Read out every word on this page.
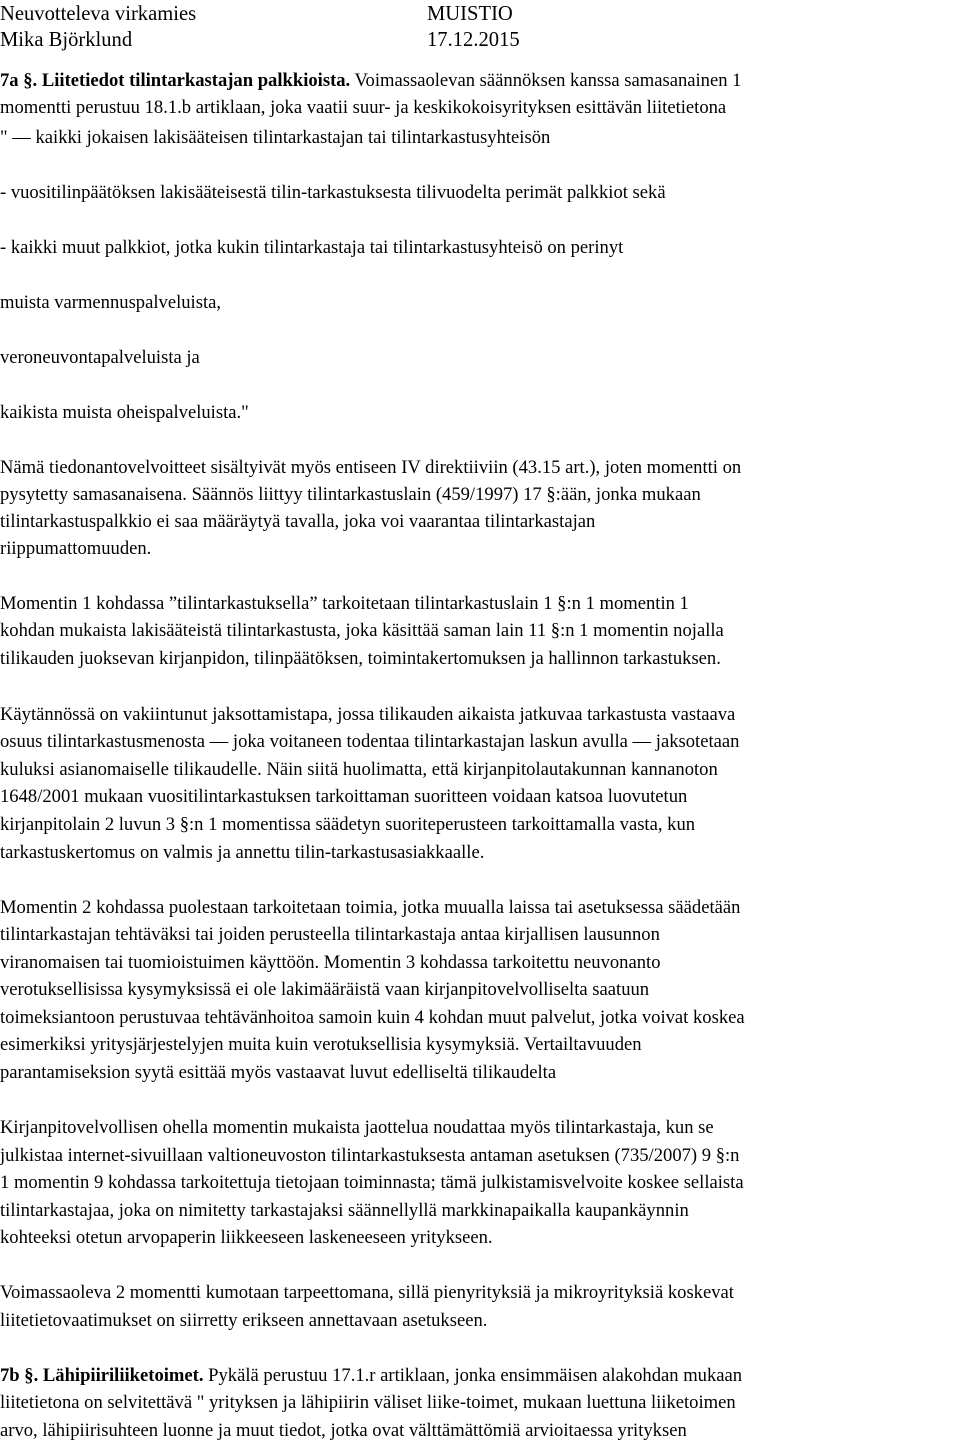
Neuvotteleva virkamies	MUISTIO
Mika Björklund	17.12.2015
7a §. Liitetiedot tilintarkastajan palkkioista. Voimassaolevan säännöksen kanssa samasanainen 1
momentti perustuu 18.1.b artiklaan, joka vaatii suur- ja keskikokoisyrityksen esittävän liitetietona
" — kaikki jokaisen lakisääteisen tilintarkastajan tai tilintarkastusyhteisön
- vuositilinpäätöksen lakisääteisestä tilin-tarkastuksesta tilivuodelta perimät palkkiot sekä
- kaikki muut palkkiot, jotka kukin tilintarkastaja tai tilintarkastusyhteisö on perinyt
muista varmennuspalveluista,
veroneuvontapalveluista ja
kaikista muista oheispalveluista."
Nämä tiedonantovelvoitteet sisältyivät myös entiseen IV direktiiviin (43.15 art.), joten momentti on
pysytetty samasanaisena. Säännös liittyy tilintarkastuslain (459/1997) 17 §:ään, jonka mukaan
tilintarkastuspalkkio ei saa määräytyä tavalla, joka voi vaarantaa tilintarkastajan
riippumattomuuden.
Momentin 1 kohdassa ”tilintarkastuksella” tarkoitetaan tilintarkastuslain 1 §:n 1 momentin 1
kohdan mukaista lakisääteistä tilintarkastusta, joka käsittää saman lain 11 §:n 1 momentin nojalla
tilikauden juoksevan kirjanpidon, tilinpäätöksen, toimintakertomuksen ja hallinnon tarkastuksen.
Käytännössä on vakiintunut jaksottamistapa, jossa tilikauden aikaista jatkuvaa tarkastusta vastaava
osuus tilintarkastusmenosta — joka voitaneen todentaa tilintarkastajan laskun avulla — jaksotetaan
kuluksi asianomaiselle tilikaudelle. Näin siitä huolimatta, että kirjanpitolautakunnan kannanoton
1648/2001 mukaan vuositilintarkastuksen tarkoittaman suoritteen voidaan katsoa luovutetun
kirjanpitolain 2 luvun 3 §:n 1 momentissa säädetyn suoriteperusteen tarkoittamalla vasta, kun
tarkastuskertomus on valmis ja annettu tilin-tarkastusasiakkaalle.
Momentin 2 kohdassa puolestaan tarkoitetaan toimia, jotka muualla laissa tai asetuksessa säädetään
tilintarkastajan tehtäväksi tai joiden perusteella tilintarkastaja antaa kirjallisen lausunnon
viranomaisen tai tuomioistuimen käyttöön. Momentin 3 kohdassa tarkoitettu neuvonanto
verotuksellisissa kysymyksissä ei ole lakimääräistä vaan kirjanpitovelvolliselta saatuun
toimeksiantoon perustuvaa tehtävänhoitoa samoin kuin 4 kohdan muut palvelut, jotka voivat koskea
esimerkiksi yritysjärjestelyjen muita kuin verotuksellisia kysymyksiä. Vertailtavuuden
parantamiseksion syytä esittää myös vastaavat luvut edelliseltä tilikaudelta
Kirjanpitovelvollisen ohella momentin mukaista jaottelua noudattaa myös tilintarkastaja, kun se
julkistaa internet-sivuillaan valtioneuvoston tilintarkastuksesta antaman asetuksen (735/2007) 9 §:n
1 momentin 9 kohdassa tarkoitettuja tietojaan toiminnasta; tämä julkistamisvelvoite koskee sellaista
tilintarkastajaa, joka on nimitetty tarkastajaksi säännellyllä markkinapaikalla kaupankäynnin
kohteeksi otetun arvopaperin liikkeeseen laskeneeseen yritykseen.
Voimassaoleva 2 momentti kumotaan tarpeettomana, sillä pienyrityksiä ja mikroyrityksiä koskevat
liitetietovaatimukset on siirretty erikseen annettavaan asetukseen.
7b §. Lähipiiriliiketoimet. Pykälä perustuu 17.1.r artiklaan, jonka ensimmäisen alakohdan mukaan
liitetietona on selvitettävä " yrityksen ja lähipiirin väliset liike-toimet, mukaan luettuna liiketoimen
arvo, lähipiirisuhteen luonne ja muut tiedot, jotka ovat välttämättömiä arvioitaessa yrityksen
